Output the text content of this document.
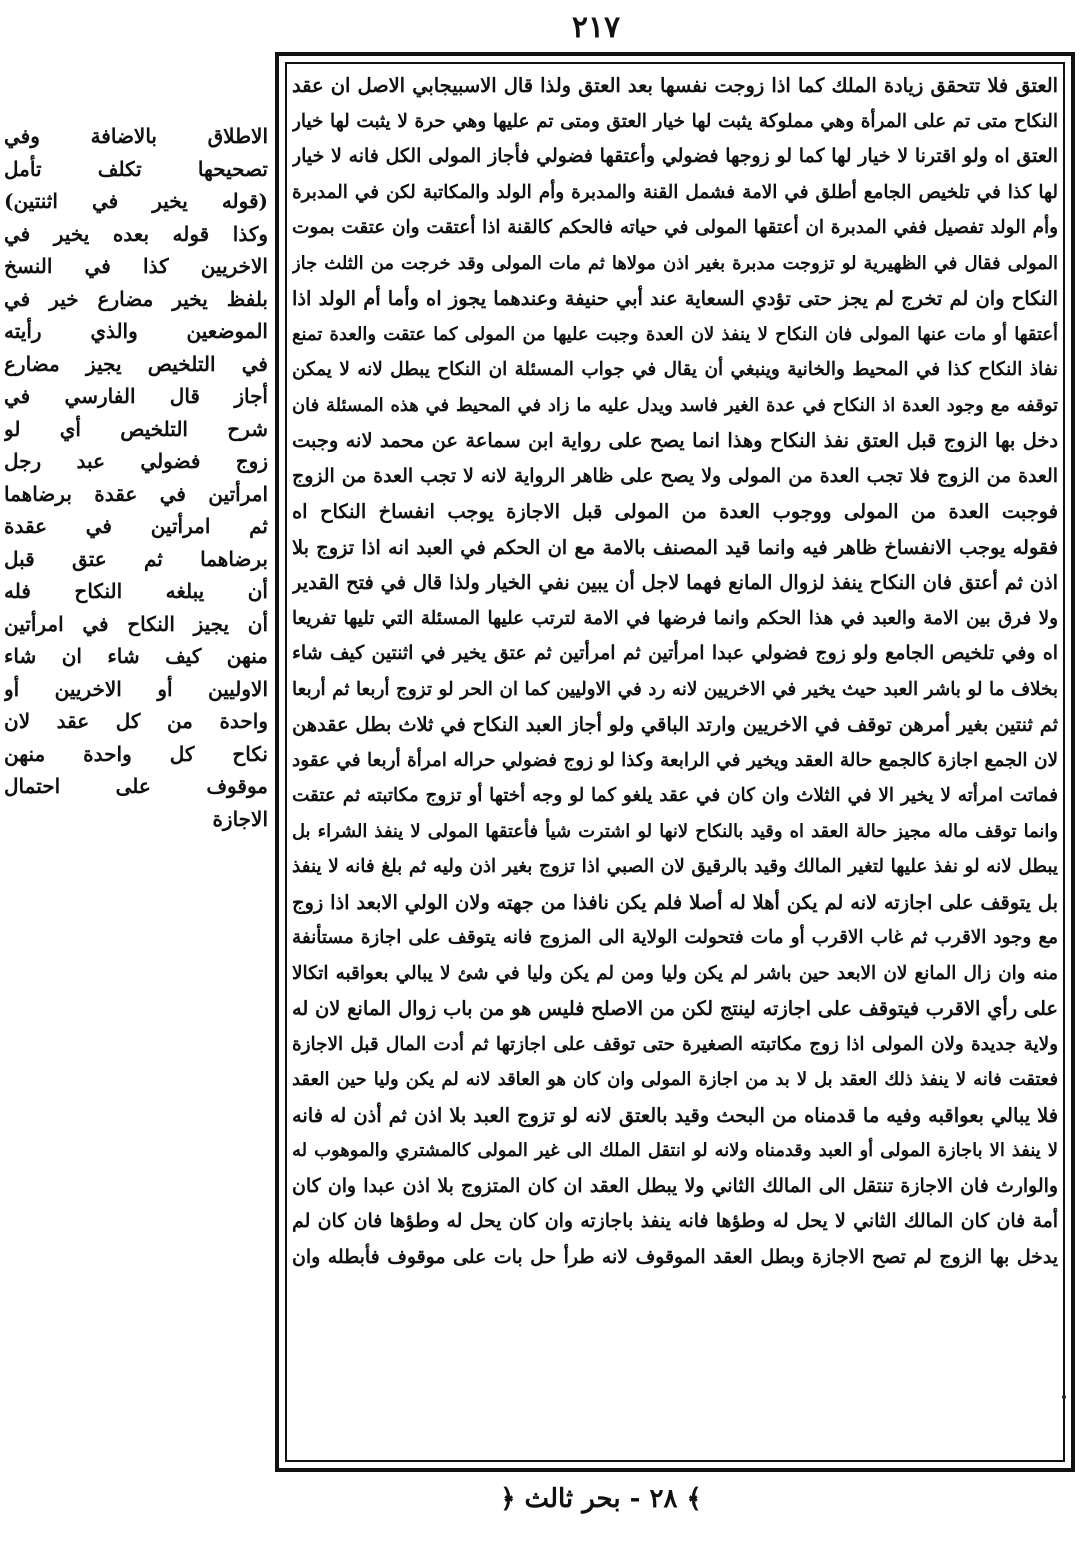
٢١٧
العتق فلا تتحقق زيادة الملك كما اذا زوجت نفسها بعد العتق ولذا قال الاسبيجابي الاصل ان عقد
النكاح متى تم على المرأة وهي مملوكة يثبت لها خيار العتق ومتى تم عليها وهي حرة لا يثبت لها خيار
العتق اه ولو اقترنا لا خيار لها كما لو زوجها فضولي وأعتقها فضولي فأجاز المولى الكل فانه لا خيار
لها كذا في تلخيص الجامع أطلق في الامة فشمل القنة والمدبرة وأم الولد والمكاتبة لكن في المدبرة
وأم الولد تفصيل ففي المدبرة ان أعتقها المولى في حياته فالحكم كالقنة اذا أعتقت وان عتقت بموت
المولى فقال في الظهيرية لو تزوجت مدبرة بغير اذن مولاها ثم مات المولى وقد خرجت من الثلث جاز
النكاح وان لم تخرج لم يجز حتى تؤدي السعاية عند أبي حنيفة وعندهما يجوز اه وأما أم الولد اذا
أعتقها أو مات عنها المولى فان النكاح لا ينفذ لان العدة وجبت عليها من المولى كما عتقت والعدة تمنع
نفاذ النكاح كذا في المحيط والخانية وينبغي أن يقال في جواب المسئلة ان النكاح يبطل لانه لا يمكن
توقفه مع وجود العدة اذ النكاح في عدة الغير فاسد ويدل عليه ما زاد في المحيط في هذه المسئلة فان
دخل بها الزوج قبل العتق نفذ النكاح وهذا انما يصح على رواية ابن سماعة عن محمد لانه وجبت
العدة من الزوج فلا تجب العدة من المولى ولا يصح على ظاهر الرواية لانه لا تجب العدة من الزوج
فوجبت العدة من المولى ووجوب العدة من المولى قبل الاجازة يوجب انفساخ النكاح اه
فقوله يوجب الانفساخ ظاهر فيه وانما قيد المصنف بالامة مع ان الحكم في العبد انه اذا تزوج بلا
اذن ثم أعتق فان النكاح ينفذ لزوال المانع فهما لاجل أن يبين نفي الخيار ولذا قال في فتح القدير
ولا فرق بين الامة والعبد في هذا الحكم وانما فرضها في الامة لترتب عليها المسئلة التي تليها تفريعا
اه وفي تلخيص الجامع ولو زوج فضولي عبدا امرأتين ثم امرأتين ثم عتق يخير في اثنتين كيف شاء
بخلاف ما لو باشر العبد حيث يخير في الاخريين لانه رد في الاوليين كما ان الحر لو تزوج أربعا ثم أربعا
ثم ثنتين بغير أمرهن توقف في الاخريين وارتد الباقي ولو أجاز العبد النكاح في ثلاث بطل عقدهن
لان الجمع اجازة كالجمع حالة العقد ويخير في الرابعة وكذا لو زوج فضولي حراله امرأة أربعا في عقود
فماتت امرأته لا يخير الا في الثلاث وان كان في عقد يلغو كما لو وجه أختها أو تزوج مكاتبته ثم عتقت
وانما توقف ماله مجيز حالة العقد اه وقيد بالنكاح لانها لو اشترت شيأ فأعتقها المولى لا ينفذ الشراء بل
يبطل لانه لو نفذ عليها لتغير المالك وقيد بالرقيق لان الصبي اذا تزوج بغير اذن وليه ثم بلغ فانه لا ينفذ
بل يتوقف على اجازته لانه لم يكن أهلا له أصلا فلم يكن نافذا من جهته ولان الولي الابعد اذا زوج
مع وجود الاقرب ثم غاب الاقرب أو مات فتحولت الولاية الى المزوج فانه يتوقف على اجازة مستأنفة
منه وان زال المانع لان الابعد حين باشر لم يكن وليا ومن لم يكن وليا في شئ لا يبالي بعواقبه اتكالا
على رأي الاقرب فيتوقف على اجازته لينتج لكن من الاصلح فليس هو من باب زوال المانع لان له
ولاية جديدة ولان المولى اذا زوج مكاتبته الصغيرة حتى توقف على اجازتها ثم أدت المال قبل الاجازة
فعتقت فانه لا ينفذ ذلك العقد بل لا بد من اجازة المولى وان كان هو العاقد لانه لم يكن وليا حين العقد
فلا يبالي بعواقبه وفيه ما قدمناه من البحث وقيد بالعتق لانه لو تزوج العبد بلا اذن ثم أذن له فانه
لا ينفذ الا باجازة المولى أو العبد وقدمناه ولانه لو انتقل الملك الى غير المولى كالمشتري والموهوب له
والوارث فان الاجازة تنتقل الى المالك الثاني ولا يبطل العقد ان كان المتزوج بلا اذن عبدا وان كان
أمة فان كان المالك الثاني لا يحل له وطؤها فانه ينفذ باجازته وان كان يحل له وطؤها فان كان لم
يدخل بها الزوج لم تصح الاجازة وبطل العقد الموقوف لانه طرأ حل بات على موقوف فأبطله وان
الاطلاق بالاضافة وفي
تصحيحها تكلف تأمل
(قوله يخير في اثنتين)
وكذا قوله بعده يخير في
الاخريين كذا في النسخ
بلفظ يخير مضارع خير في
الموضعين والذي رأيته
في التلخيص يجيز مضارع
أجاز قال الفارسي في
شرح التلخيص أي لو
زوج فضولي عبد رجل
امرأتين في عقدة برضاهما
ثم امرأتين في عقدة
برضاهما ثم عتق قبل
أن يبلغه النكاح فله
أن يجيز النكاح في امرأتين
منهن كيف شاء ان شاء
الاوليين أو الاخريين أو
واحدة من كل عقد لان
نكاح كل واحدة منهن
موقوف على احتمال
الاجازة
﴾ ٢٨ - بحر ثالث ﴿
